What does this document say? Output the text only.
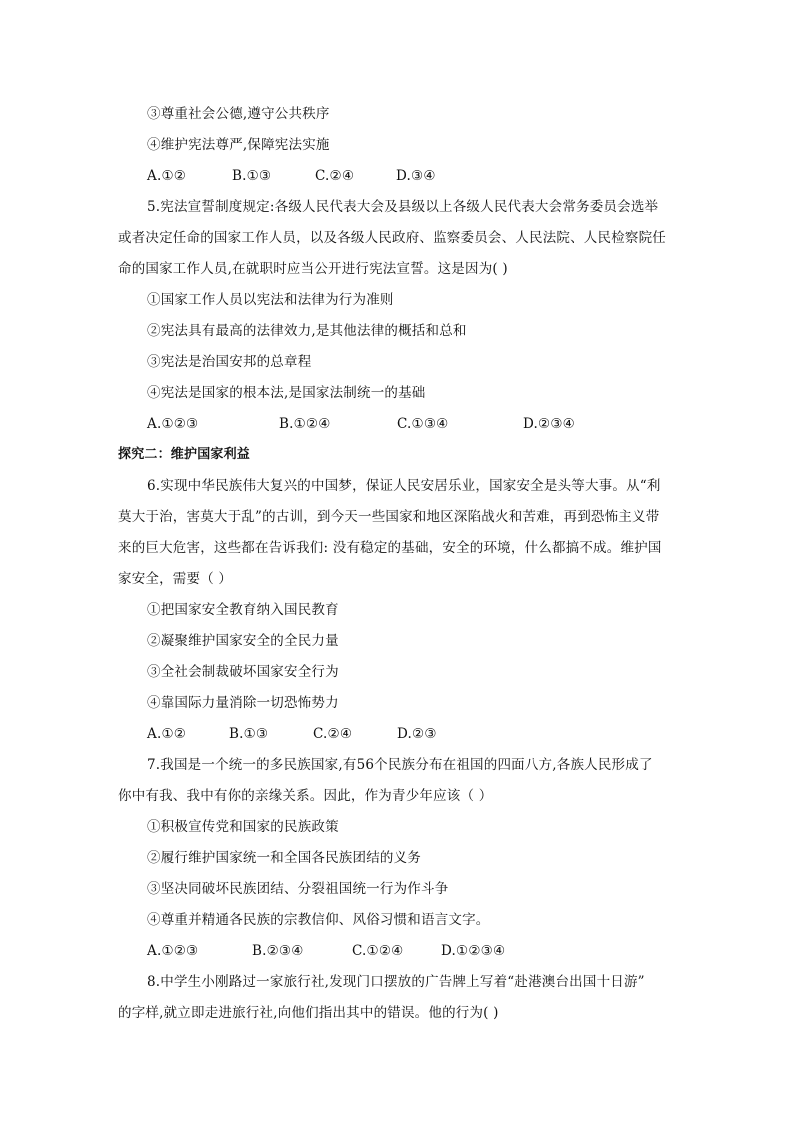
③尊重社会公德,遵守公共秩序
④维护宪法尊严,保障宪法实施
A.①②	B.①③	C.②④	D.③④
5.宪法宣誓制度规定:各级人民代表大会及县级以上各级人民代表大会常务委员会选举
或者决定任命的国家工作人员，以及各级人民政府、监察委员会、人民法院、人民检察院任
命的国家工作人员,在就职时应当公开进行宪法宣誓。这是因为( )
①国家工作人员以宪法和法律为行为准则
②宪法具有最高的法律效力,是其他法律的概括和总和
③宪法是治国安邦的总章程
④宪法是国家的根本法,是国家法制统一的基础
A.①②③	B.①②④	C.①③④	D.②③④
探究二：维护国家利益
6.实现中华民族伟大复兴的中国梦，保证人民安居乐业，国家安全是头等大事。从“利
莫大于治，害莫大于乱”的古训，到今天一些国家和地区深陷战火和苦难，再到恐怖主义带
来的巨大危害，这些都在告诉我们: 没有稳定的基础，安全的环境，什么都搞不成。维护国
家安全，需要（ ）
①把国家安全教育纳入国民教育
②凝聚维护国家安全的全民力量
③全社会制裁破坏国家安全行为
④靠国际力量消除一切恐怖势力
A.①②	B.①③	C.②④	D.②③
7.我国是一个统一的多民族国家,有56个民族分布在祖国的四面八方,各族人民形成了
你中有我、我中有你的亲缘关系。因此，作为青少年应该（ ）
①积极宣传党和国家的民族政策
②履行维护国家统一和全国各民族团结的义务
③坚决同破坏民族团结、分裂祖国统一行为作斗争
④尊重并精通各民族的宗教信仰、风俗习惯和语言文字。
A.①②③	B.②③④	C.①②④	D.①②③④
8.中学生小刚路过一家旅行社,发现门口摆放的广告牌上写着“赴港澳台出国十日游”
的字样,就立即走进旅行社,向他们指出其中的错误。他的行为( )
